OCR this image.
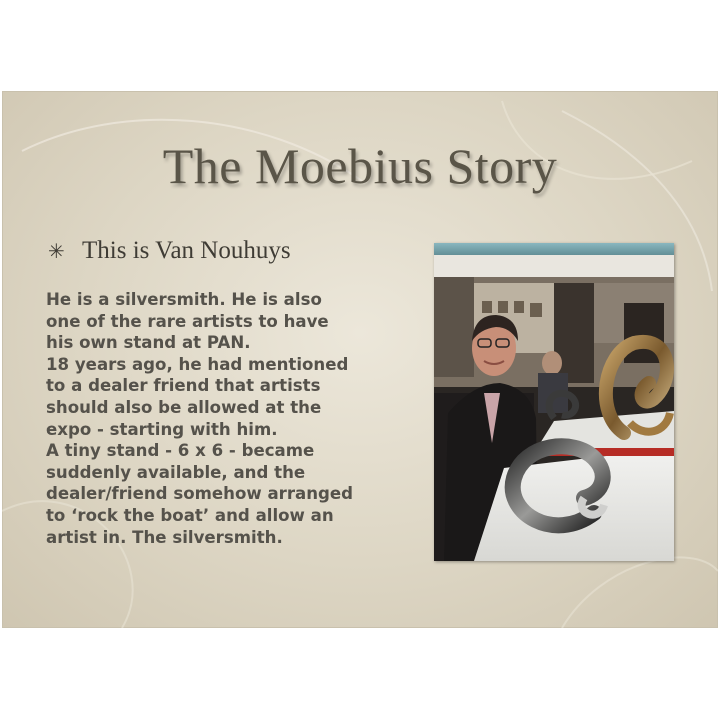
The Moebius Story
✳ This is Van Nouhuys

He is a silversmith. He is also
one of the rare artists to have
his own stand at PAN.
18 years ago, he had mentioned
to a dealer friend that artists
should also be allowed at the
expo - starting with him.
A tiny stand - 6 x 6 - became
suddenly available, and the
dealer/friend somehow arranged
to ‘rock the boat’ and allow an
artist in. The silversmith.
